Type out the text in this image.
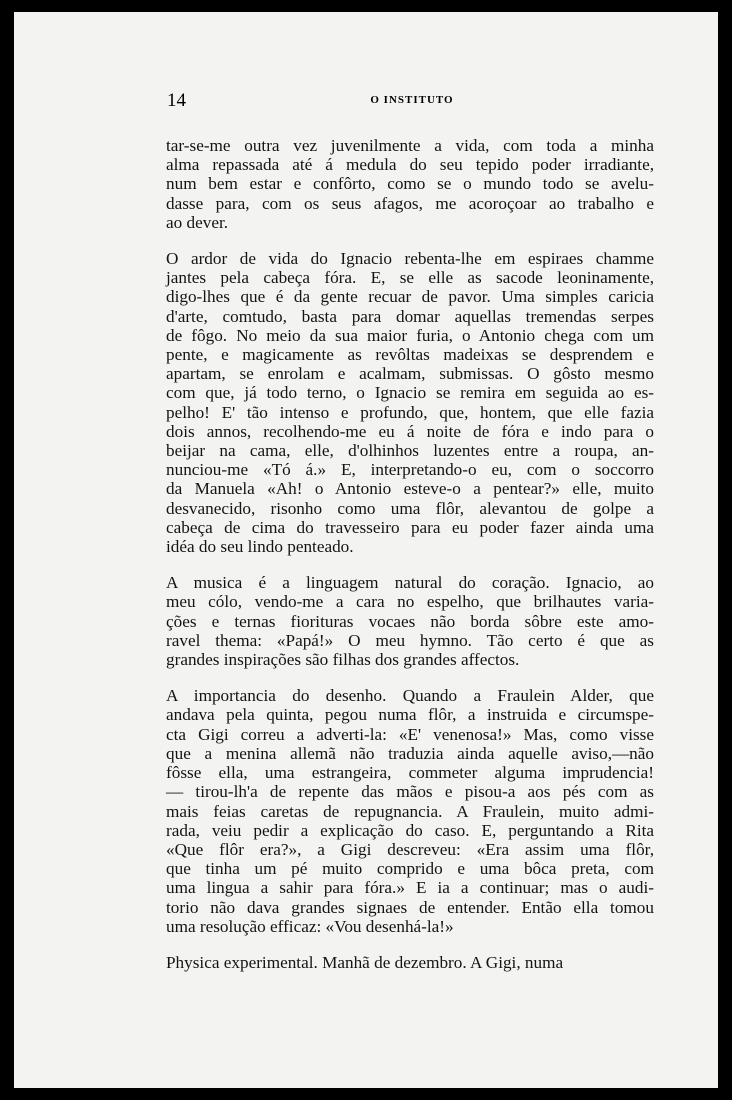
14	O INSTITUTO

tar-se-me outra vez juvenilmente a vida, com toda a minha
alma repassada até á medula do seu tepido poder irradiante,
num bem estar e confôrto, como se o mundo todo se avelu-
dasse para, com os seus afagos, me acoroçoar ao trabalho e
ao dever.

O ardor de vida do Ignacio rebenta-lhe em espiraes chamme
jantes pela cabeça fóra. E, se elle as sacode leoninamente,
digo-lhes que é da gente recuar de pavor. Uma simples caricia
d'arte, comtudo, basta para domar aquellas tremendas serpes
de fôgo. No meio da sua maior furia, o Antonio chega com um
pente, e magicamente as revôltas madeixas se desprendem e
apartam, se enrolam e acalmam, submissas. O gôsto mesmo
com que, já todo terno, o Ignacio se remira em seguida ao es-
pelho! E' tão intenso e profundo, que, hontem, que elle fazia
dois annos, recolhendo-me eu á noite de fóra e indo para o
beijar na cama, elle, d'olhinhos luzentes entre a roupa, an-
nunciou-me «Tó á.» E, interpretando-o eu, com o soccorro
da Manuela «Ah! o Antonio esteve-o a pentear?» elle, muito
desvanecido, risonho como uma flôr, alevantou de golpe a
cabeça de cima do travesseiro para eu poder fazer ainda uma
idéa do seu lindo penteado.

A musica é a linguagem natural do coração. Ignacio, ao
meu cólo, vendo-me a cara no espelho, que brilhautes varia-
ções e ternas fiorituras vocaes não borda sôbre este amo-
ravel thema: «Papá!» O meu hymno. Tão certo é que as
grandes inspirações são filhas dos grandes affectos.

A importancia do desenho. Quando a Fraulein Alder, que
andava pela quinta, pegou numa flôr, a instruida e circumspe-
cta Gigi correu a adverti-la: «E' venenosa!» Mas, como visse
que a menina allemã não traduzia ainda aquelle aviso,—não
fôsse ella, uma estrangeira, commeter alguma imprudencia!
— tirou-lh'a de repente das mãos e pisou-a aos pés com as
mais feias caretas de repugnancia. A Fraulein, muito admi-
rada, veiu pedir a explicação do caso. E, perguntando a Rita
«Que flôr era?», a Gigi descreveu: «Era assim uma flôr,
que tinha um pé muito comprido e uma bôca preta, com
uma lingua a sahir para fóra.» E ia a continuar; mas o audi-
torio não dava grandes signaes de entender. Então ella tomou
uma resolução efficaz: «Vou desenhá-la!»

Physica experimental. Manhã de dezembro. A Gigi, numa
